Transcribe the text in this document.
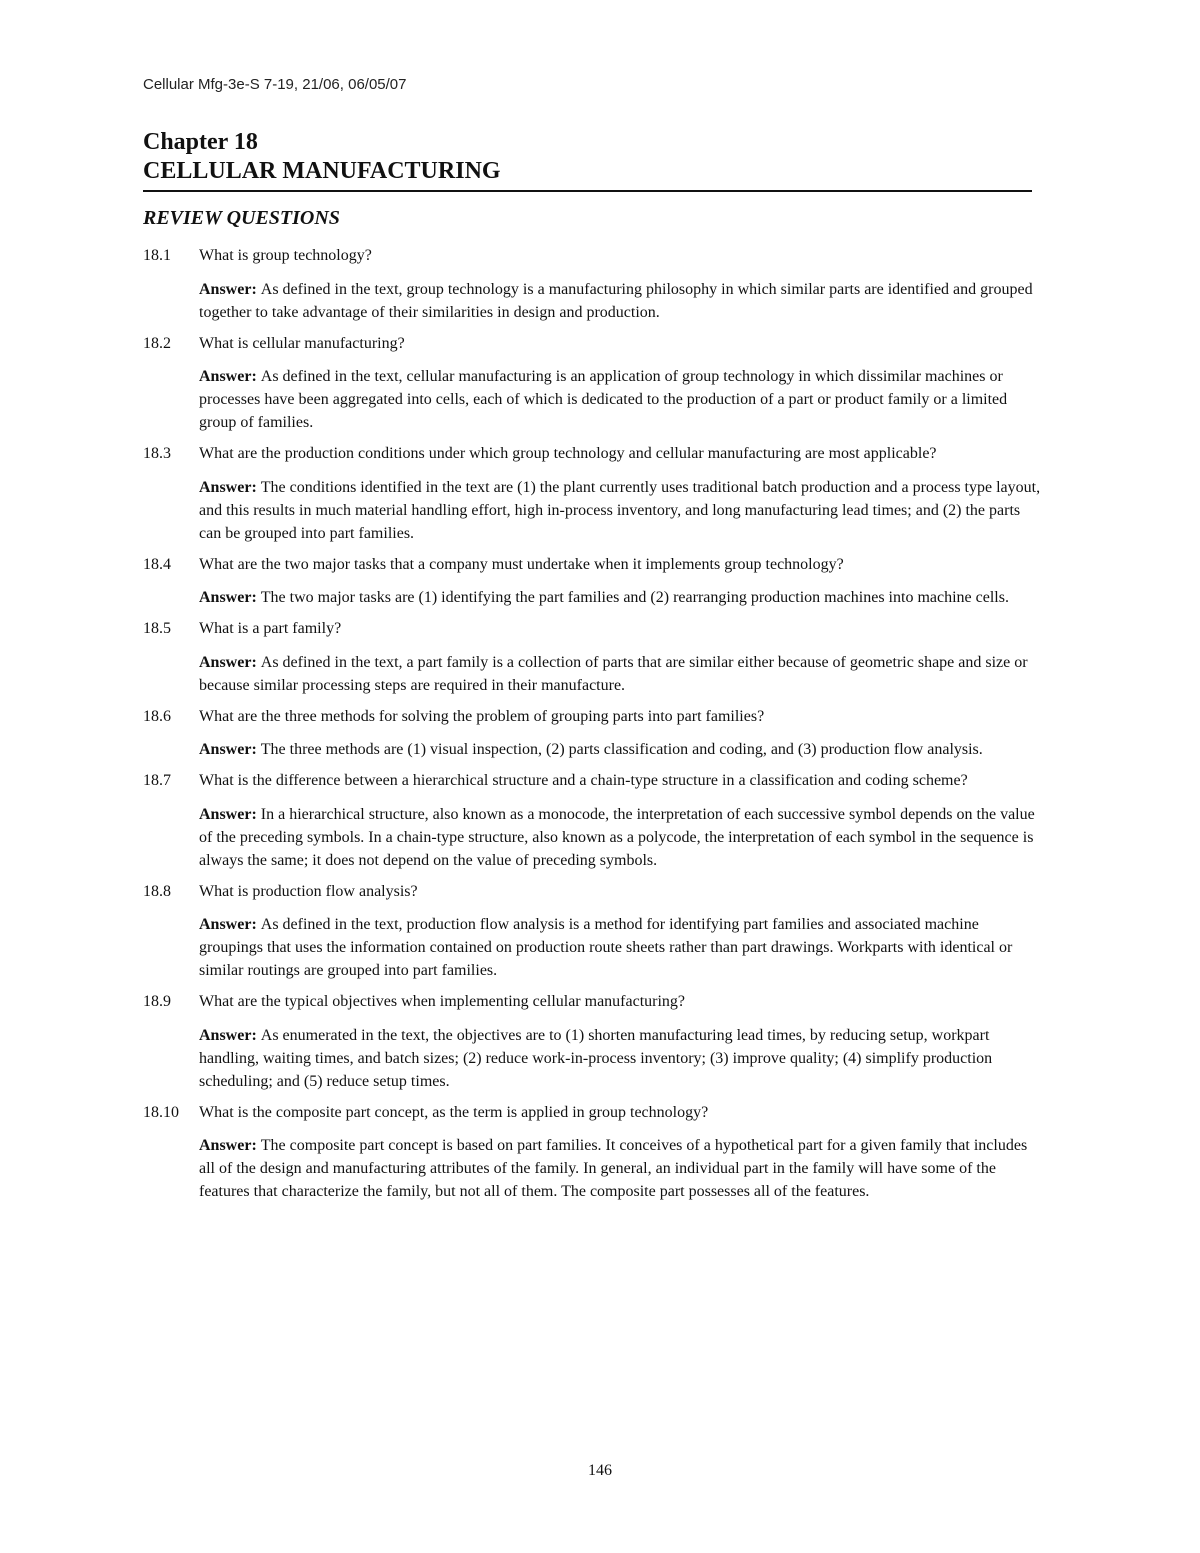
Cellular Mfg-3e-S 7-19, 21/06, 06/05/07
Chapter 18
CELLULAR MANUFACTURING
REVIEW QUESTIONS
18.1 What is group technology?
Answer: As defined in the text, group technology is a manufacturing philosophy in which similar parts are identified and grouped together to take advantage of their similarities in design and production.
18.2 What is cellular manufacturing?
Answer: As defined in the text, cellular manufacturing is an application of group technology in which dissimilar machines or processes have been aggregated into cells, each of which is dedicated to the production of a part or product family or a limited group of families.
18.3 What are the production conditions under which group technology and cellular manufacturing are most applicable?
Answer: The conditions identified in the text are (1) the plant currently uses traditional batch production and a process type layout, and this results in much material handling effort, high in-process inventory, and long manufacturing lead times; and (2) the parts can be grouped into part families.
18.4 What are the two major tasks that a company must undertake when it implements group technology?
Answer: The two major tasks are (1) identifying the part families and (2) rearranging production machines into machine cells.
18.5 What is a part family?
Answer: As defined in the text, a part family is a collection of parts that are similar either because of geometric shape and size or because similar processing steps are required in their manufacture.
18.6 What are the three methods for solving the problem of grouping parts into part families?
Answer: The three methods are (1) visual inspection, (2) parts classification and coding, and (3) production flow analysis.
18.7 What is the difference between a hierarchical structure and a chain-type structure in a classification and coding scheme?
Answer: In a hierarchical structure, also known as a monocode, the interpretation of each successive symbol depends on the value of the preceding symbols. In a chain-type structure, also known as a polycode, the interpretation of each symbol in the sequence is always the same; it does not depend on the value of preceding symbols.
18.8 What is production flow analysis?
Answer: As defined in the text, production flow analysis is a method for identifying part families and associated machine groupings that uses the information contained on production route sheets rather than part drawings. Workparts with identical or similar routings are grouped into part families.
18.9 What are the typical objectives when implementing cellular manufacturing?
Answer: As enumerated in the text, the objectives are to (1) shorten manufacturing lead times, by reducing setup, workpart handling, waiting times, and batch sizes; (2) reduce work-in-process inventory; (3) improve quality; (4) simplify production scheduling; and (5) reduce setup times.
18.10 What is the composite part concept, as the term is applied in group technology?
Answer: The composite part concept is based on part families. It conceives of a hypothetical part for a given family that includes all of the design and manufacturing attributes of the family. In general, an individual part in the family will have some of the features that characterize the family, but not all of them. The composite part possesses all of the features.
146
